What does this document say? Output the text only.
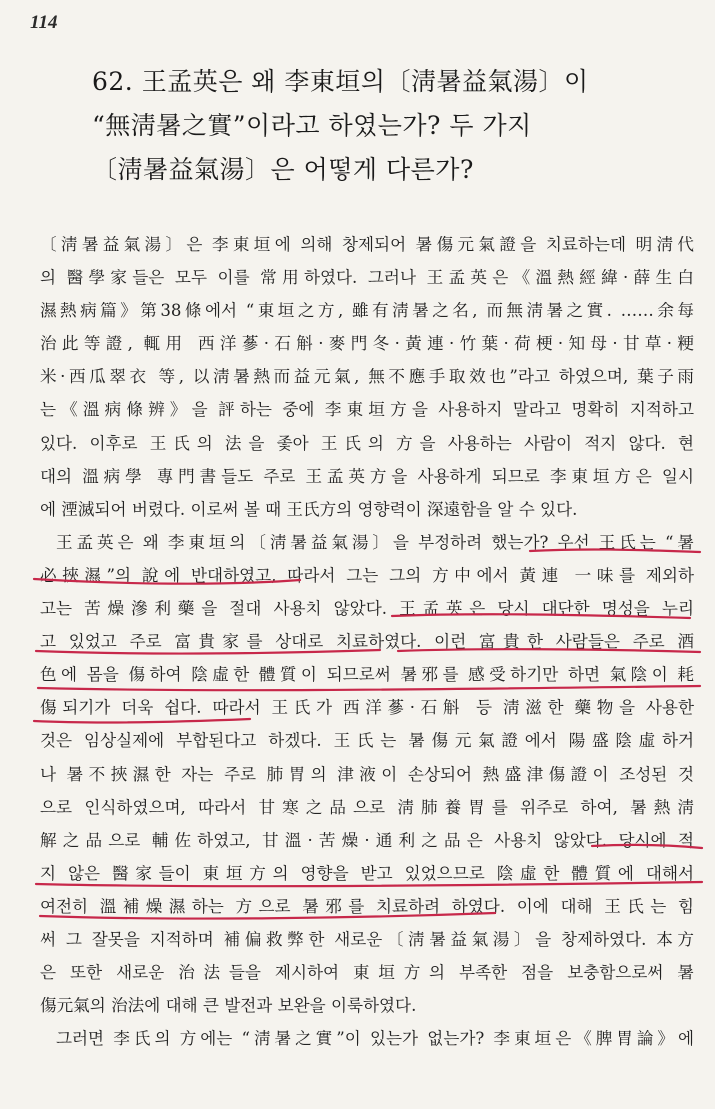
114
62. 王孟英은 왜 李東垣의〔淸暑益氣湯〕이
“無淸暑之實”이라고 하였는가? 두 가지
〔淸暑益氣湯〕은 어떻게 다른가?
〔淸暑益氣湯〕은 李東垣에 의해 창제되어 暑傷元氣證을 치료하는데 明淸代
의 醫學家들은 모두 이를 常用하였다. 그러나 王孟英은《溫熱經緯·薛生白
濕熱病篇》第38條에서 “東垣之方, 雖有淸暑之名, 而無淸暑之實. ……余每
治此等證, 輒用 西洋蔘·石斛·麥門冬·黃連·竹葉·荷梗·知母·甘草·粳
米·西瓜翠衣 等, 以淸暑熱而益元氣, 無不應手取效也”라고 하였으며, 葉子雨
는《溫病條辨》을 評하는 중에 李東垣方을 사용하지 말라고 명확히 지적하고
있다. 이후로 王氏의 法을 좇아 王氏의 方을 사용하는 사람이 적지 않다. 현
대의 溫病學 專門書들도 주로 王孟英方을 사용하게 되므로 李東垣方은 일시
에 湮滅되어 버렸다. 이로써 볼 때 王氏方의 영향력이 深遠함을 알 수 있다.
王孟英은 왜 李東垣의〔淸暑益氣湯〕을 부정하려 했는가? 우선 王氏는 “暑
必挾濕”의 說에 반대하였고, 따라서 그는 그의 方中에서 黃連 一味를 제외하
고는 苦燥滲利藥을 절대 사용치 않았다. 王孟英은 당시 대단한 명성을 누리
고 있었고 주로 富貴家를 상대로 치료하였다. 이런 富貴한 사람들은 주로 酒
色에 몸을 傷하여 陰虛한 體質이 되므로써 暑邪를 感受하기만 하면 氣陰이 耗
傷되기가 더욱 쉽다. 따라서 王氏가 西洋蔘·石斛 등 淸滋한 藥物을 사용한
것은 임상실제에 부합된다고 하겠다. 王氏는 暑傷元氣證에서 陽盛陰虛하거
나 暑不挾濕한 자는 주로 肺胃의 津液이 손상되어 熱盛津傷證이 조성된 것
으로 인식하였으며, 따라서 甘寒之品으로 淸肺養胃를 위주로 하여, 暑熱淸
解之品으로 輔佐하였고, 甘溫·苦燥·通利之品은 사용치 않았다. 당시에 적
지 않은 醫家들이 東垣方의 영향을 받고 있었으므로 陰虛한 體質에 대해서
여전히 溫補燥濕하는 方으로 暑邪를 치료하려 하였다. 이에 대해 王氏는 힘
써 그 잘못을 지적하며 補偏救弊한 새로운〔淸暑益氣湯〕을 창제하였다. 本方
은 또한 새로운 治法들을 제시하여 東垣方의 부족한 점을 보충함으로써 暑
傷元氣의 治法에 대해 큰 발전과 보완을 이룩하였다.
그러면 李氏의 方에는 “淸暑之實”이 있는가 없는가? 李東垣은《脾胃論》에
